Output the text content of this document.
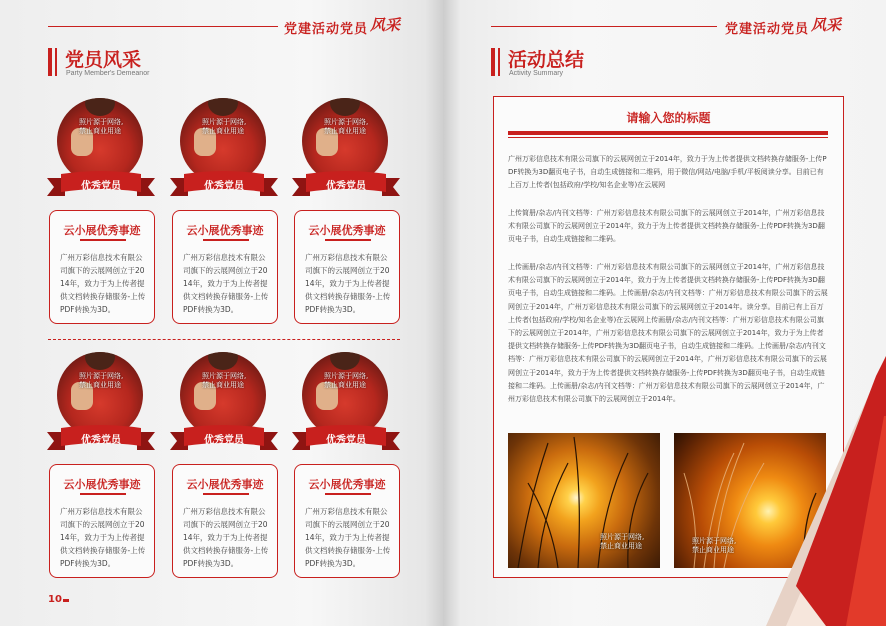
党建活动党员 风采
党员风采
Party Member's Demeanor
照片源于网络,
禁止商业用途
优秀党员
云小展优秀事迹
广州万彩信息技术有限公司旗下的云展网创立于2014年，致力于为上传者提供文档转换存储服务-上传PDF转换为3D。
照片源于网络,
禁止商业用途
优秀党员
云小展优秀事迹
广州万彩信息技术有限公司旗下的云展网创立于2014年，致力于为上传者提供文档转换存储服务-上传PDF转换为3D。
照片源于网络,
禁止商业用途
优秀党员
云小展优秀事迹
广州万彩信息技术有限公司旗下的云展网创立于2014年，致力于为上传者提供文档转换存储服务-上传PDF转换为3D。
照片源于网络,
禁止商业用途
优秀党员
云小展优秀事迹
广州万彩信息技术有限公司旗下的云展网创立于2014年，致力于为上传者提供文档转换存储服务-上传PDF转换为3D。
照片源于网络,
禁止商业用途
优秀党员
云小展优秀事迹
广州万彩信息技术有限公司旗下的云展网创立于2014年，致力于为上传者提供文档转换存储服务-上传PDF转换为3D。
照片源于网络,
禁止商业用途
优秀党员
云小展优秀事迹
广州万彩信息技术有限公司旗下的云展网创立于2014年，致力于为上传者提供文档转换存储服务-上传PDF转换为3D。
10
党建活动党员 风采
活动总结
Activity Summary
请输入您的标题
广州万彩信息技术有限公司旗下的云展网创立于2014年，致力于为上传者提供文档转换存储服务-上传PDF转换为3D翻页电子书，自动生成链接和二维码，用于微信/网站/电脑/手机/平板阅读分享。目前已有上百万上传者(包括政府/学校/知名企业等)在云展网
上传简册/杂志/内刊文档等：广州万彩信息技术有限公司旗下的云展网创立于2014年，广州万彩信息技术有限公司旗下的云展网创立于2014年，致力于为上传者提供文档转换存储服务-上传PDF转换为3D翻页电子书，自动生成链接和二维码。
上传画册/杂志/内刊文档等：广州万彩信息技术有限公司旗下的云展网创立于2014年，广州万彩信息技术有限公司旗下的云展网创立于2014年，致力于为上传者提供文档转换存储服务-上传PDF转换为3D翻页电子书，自动生成链接和二维码。上传画册/杂志/内刊文档等：广州万彩信息技术有限公司旗下的云展网创立于2014年，广州万彩信息技术有限公司旗下的云展网创立于2014年。读分享。目前已有上百万上传者(包括政府/学校/知名企业等)在云展网上传画册/杂志/内刊文档等：广州万彩信息技术有限公司旗下的云展网创立于2014年，广州万彩信息技术有限公司旗下的云展网创立于2014年，致力于为上传者提供文档转换存储服务-上传PDF转换为3D翻页电子书，自动生成链接和二维码。上传画册/杂志/内刊文档等：广州万彩信息技术有限公司旗下的云展网创立于2014年，广州万彩信息技术有限公司旗下的云展网创立于2014年，致力于为上传者提供文档转换存储服务-上传PDF转换为3D翻页电子书，自动生成链接和二维码。上传画册/杂志/内刊文档等：广州万彩信息技术有限公司旗下的云展网创立于2014年，广州万彩信息技术有限公司旗下的云展网创立于2014年。
照片源于网络,
禁止商业用途
照片源于网络,
禁止商业用途
